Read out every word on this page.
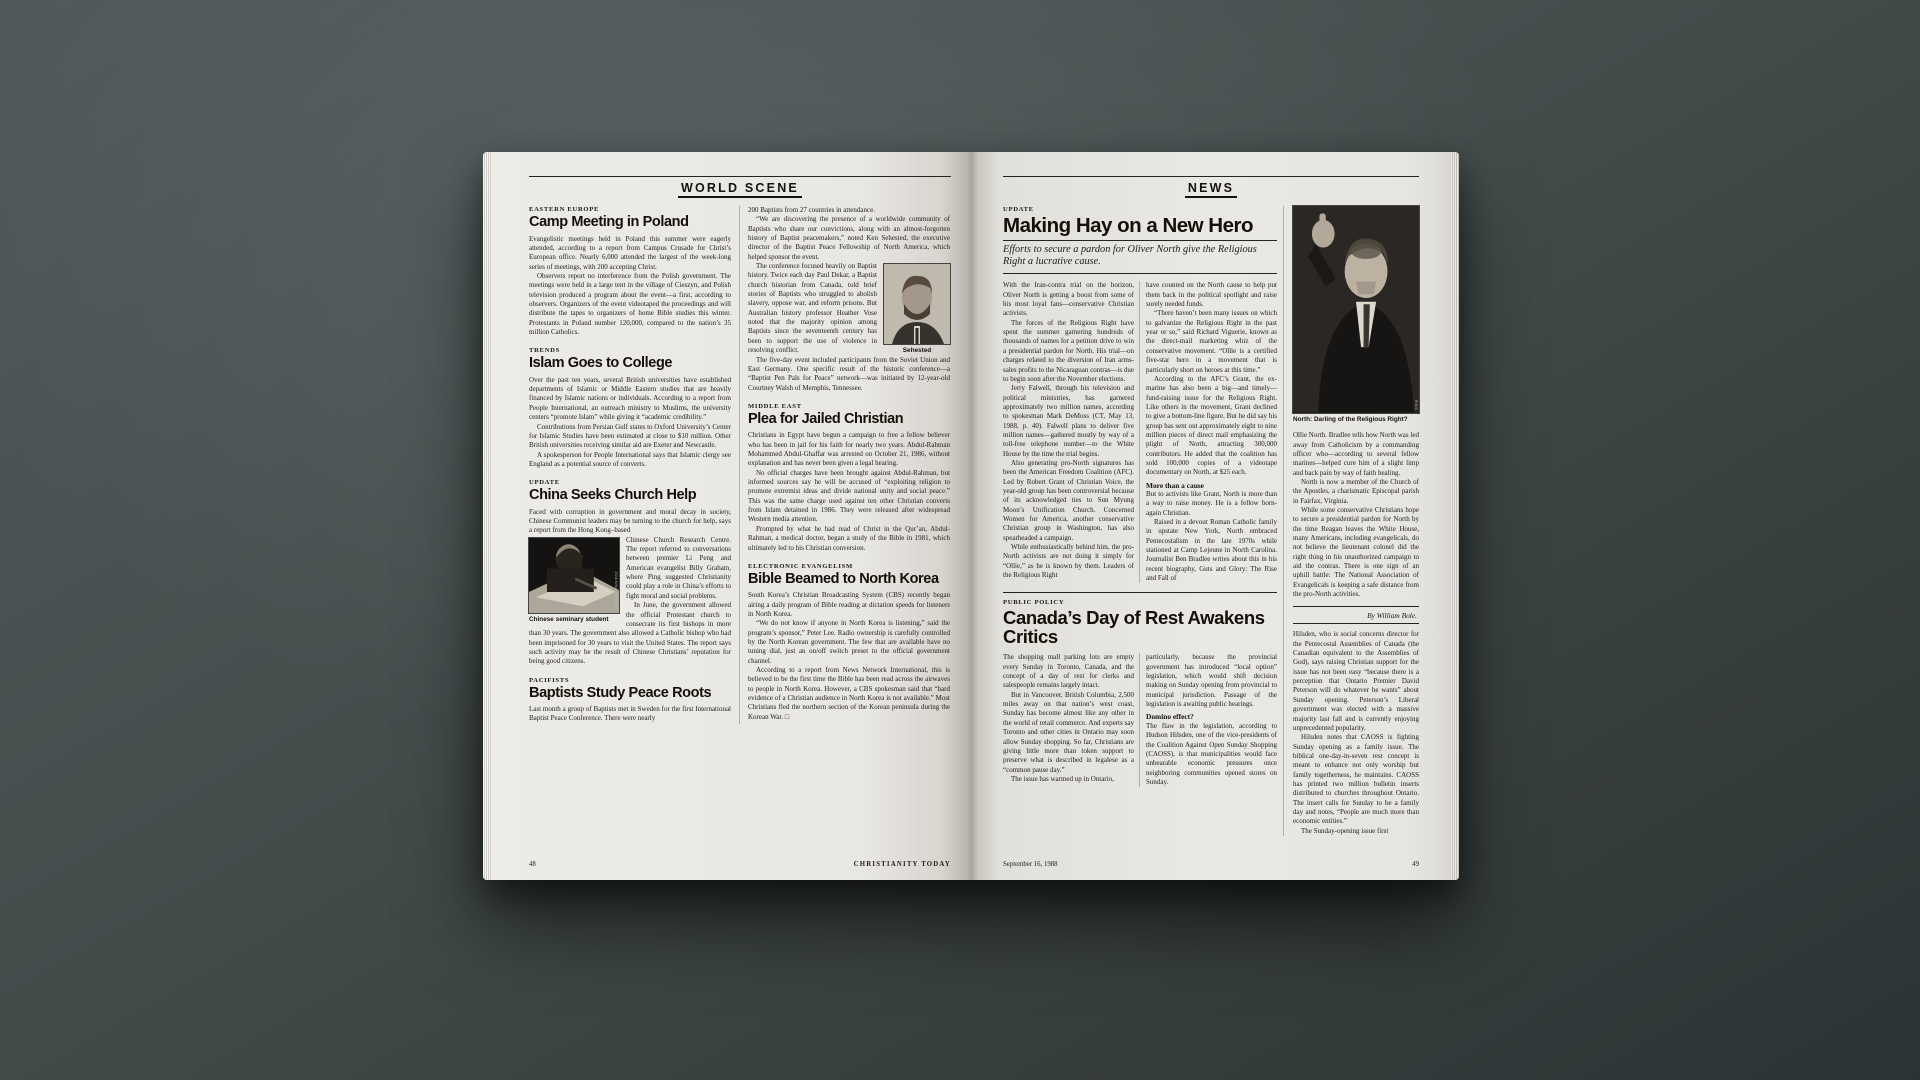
WORLD SCENE
EASTERN EUROPE
Camp Meeting in Poland

Evangelistic meetings held in Poland this summer were eagerly attended, according to a report from Campus Crusade for Christ’s European office. Nearly 6,000 attended the largest of the week-long series of meetings, with 200 accepting Christ.

Observers report no interference from the Polish government. The meetings were held in a large tent in the village of Cieszyn, and Polish television produced a program about the event—a first, according to observers. Organizers of the event videotaped the proceedings and will distribute the tapes to organizers of home Bible studies this winter. Protestants in Poland number 120,000, compared to the nation’s 35 million Catholics.

TRENDS
Islam Goes to College

Over the past ten years, several British universities have established departments of Islamic or Middle Eastern studies that are heavily financed by Islamic nations or individuals. According to a report from People International, an outreach ministry to Muslims, the university centers “promote Islam” while giving it “academic credibility.”

Contributions from Persian Gulf states to Oxford University’s Center for Islamic Studies have been estimated at close to $10 million. Other British universities receiving similar aid are Exeter and Newcastle.

A spokesperson for People International says that Islamic clergy see England as a potential source of converts.

UPDATE
China Seeks Church Help

Faced with corruption in government and moral decay in society, Chinese Communist leaders may be turning to the church for help, says a report from the Hong Kong–based

JOANNA PINNEO
Chinese seminary student

Chinese Church Research Centre. The report referred to conversations between premier Li Peng and American evangelist Billy Graham, where Ping suggested Christianity could play a role in China’s efforts to fight moral and social problems.

In June, the government allowed the official Protestant church to consecrate its first bishops in more than 30 years. The government also allowed a Catholic bishop who had been imprisoned for 30 years to visit the United States. The report says such activity may be the result of Chinese Christians’ reputation for being good citizens.

PACIFISTS
Baptists Study Peace Roots

Last month a group of Baptists met in Sweden for the first International Baptist Peace Conference. There were nearly

200 Baptists from 27 countries in attendance.

“We are discovering the presence of a worldwide community of Baptists who share our convictions, along with an almost-forgotten history of Baptist peacemakers,” noted Ken Sehested, the executive director of the Baptist Peace Fellowship of North America, which helped sponsor the event.

RNS
Sehested

The conference focused heavily on Baptist history. Twice each day Paul Dekar, a Baptist church historian from Canada, told brief stories of Baptists who struggled to abolish slavery, oppose war, and reform prisons. But Australian history professor Heather Vose noted that the majority opinion among Baptists since the seventeenth century has been to support the use of violence in resolving conflict.

The five-day event included participants from the Soviet Union and East Germany. One specific result of the historic conference—a “Baptist Pen Pals for Peace” network—was initiated by 12-year-old Courtney Walsh of Memphis, Tennessee.

MIDDLE EAST
Plea for Jailed Christian

Christians in Egypt have begun a campaign to free a fellow believer who has been in jail for his faith for nearly two years. Abdul-Rahman Mohammed Abdul-Ghaffar was arrested on October 21, 1986, without explanation and has never been given a legal hearing.

No official charges have been brought against Abdul-Rahman, but informed sources say he will be accused of “exploiting religion to promote extremist ideas and divide national unity and social peace.” This was the same charge used against ten other Christian converts from Islam detained in 1986. They were released after widespread Western media attention.

Prompted by what he had read of Christ in the Qur’an, Abdul-Rahman, a medical doctor, began a study of the Bible in 1981, which ultimately led to his Christian conversion.

ELECTRONIC EVANGELISM
Bible Beamed to North Korea

South Korea’s Christian Broadcasting System (CBS) recently began airing a daily program of Bible reading at dictation speeds for listeners in North Korea.

“We do not know if anyone in North Korea is listening,” said the program’s sponsor,” Peter Lee. Radio ownership is carefully controlled by the North Korean government. The few that are available have no tuning dial, just an on/off switch preset to the official government channel.

According to a report from News Network International, this is believed to be the first time the Bible has been read across the airwaves to people in North Korea. However, a CBS spokesman said that “hard evidence of a Christian audience in North Korea is not available.” Most Christians fled the northern section of the Korean peninsula during the Korean War. □

48	CHRISTIANITY TODAY
NEWS
UPDATE
Making Hay on a New Hero
Efforts to secure a pardon for Oliver North give the Religious Right a lucrative cause.

With the Iran-contra trial on the horizon, Oliver North is getting a boost from some of his most loyal fans—conservative Christian activists.

The forces of the Religious Right have spent the summer garnering hundreds of thousands of names for a petition drive to win a presidential pardon for North. His trial—on charges related to the diversion of Iran arms-sales profits to the Nicaraguan contras—is due to begin soon after the November elections.

Jerry Falwell, through his television and political ministries, has garnered approximately two million names, according to spokesman Mark DeMoss (CT, May 13, 1988, p. 40). Falwell plans to deliver five million names—gathered mostly by way of a toll-free telephone number—to the White House by the time the trial begins.

Also generating pro-North signatures has been the American Freedom Coalition (AFC). Led by Robert Grant of Christian Voice, the year-old group has been controversial because of its acknowledged ties to Sun Myung Moon’s Unification Church. Concerned Women for America, another conservative Christian group in Washington, has also spearheaded a campaign.

While enthusiastically behind him, the pro-North activists are not doing it simply for “Ollie,” as he is known by them. Leaders of the Religious Right

have counted on the North cause to help put them back in the political spotlight and raise sorely needed funds.

“There haven’t been many issues on which to galvanize the Religious Right in the past year or so,” said Richard Viguerie, known as the direct-mail marketing whiz of the conservative movement. “Ollie is a certified five-star hero in a movement that is particularly short on heroes at this time.”

According to the AFC’s Grant, the ex-marine has also been a big—and timely—fund-raising issue for the Religious Right. Like others in the movement, Grant declined to give a bottom-line figure. But he did say his group has sent out approximately eight to nine million pieces of direct mail emphasizing the plight of North, attracting 300,000 contributors. He added that the coalition has sold 100,000 copies of a videotape documentary on North, at $25 each.

More than a cause

But to activists like Grant, North is more than a way to raise money. He is a fellow born-again Christian.

Raised in a devout Roman Catholic family in upstate New York, North embraced Pentecostalism in the late 1970s while stationed at Camp Lejeune in North Carolina. Journalist Ben Bradlee writes about this in his recent biography, Guts and Glory: The Rise and Fall of

PUBLIC POLICY
Canada’s Day of Rest Awakens Critics

The shopping mall parking lots are empty every Sunday in Toronto, Canada, and the concept of a day of rest for clerks and salespeople remains largely intact.

But in Vancouver, British Columbia, 2,500 miles away on that nation’s west coast, Sunday has become almost like any other in the world of retail commerce. And experts say Toronto and other cities in Ontario may soon allow Sunday shopping. So far, Christians are giving little more than token support to preserve what is described in legalese as a “common pause day.”

The issue has warmed up in Ontario,

particularly, because the provincial government has introduced “local option” legislation, which would shift decision making on Sunday opening from provincial to municipal jurisdiction. Passage of the legislation is awaiting public hearings.

Domino effect?

The flaw in the legislation, according to Hudson Hilsden, one of the vice-presidents of the Coalition Against Open Sunday Shopping (CAOSS), is that municipalities would face unbearable economic pressures once neighboring communities opened stores on Sunday.

RNS
North: Darling of the Religious Right?

Ollie North. Bradlee tells how North was led away from Catholicism by a commanding officer who—according to several fellow marines—helped cure him of a slight limp and back pain by way of faith healing.

North is now a member of the Church of the Apostles, a charismatic Episcopal parish in Fairfax, Virginia.

While some conservative Christians hope to secure a presidential pardon for North by the time Reagan leaves the White House, many Americans, including evangelicals, do not believe the lieutenant colonel did the right thing in his unauthorized campaign to aid the contras. There is one sign of an uphill battle: The National Association of Evangelicals is keeping a safe distance from the pro-North activities.

By William Bole.

Hilsden, who is social concerns director for the Pentecostal Assemblies of Canada (the Canadian equivalent to the Assemblies of God), says raising Christian support for the issue has not been easy “because there is a perception that Ontario Premier David Peterson will do whatever he wants” about Sunday opening. Peterson’s Liberal government was elected with a massive majority last fall and is currently enjoying unprecedented popularity.

Hilsden notes that CAOSS is fighting Sunday opening as a family issue. The biblical one-day-in-seven rest concept is meant to enhance not only worship but family togetherness, he maintains. CAOSS has printed two million bulletin inserts distributed to churches throughout Ontario. The insert calls for Sunday to be a family day and notes, “People are much more than economic entities.”

The Sunday-opening issue first

September 16, 1988	49
